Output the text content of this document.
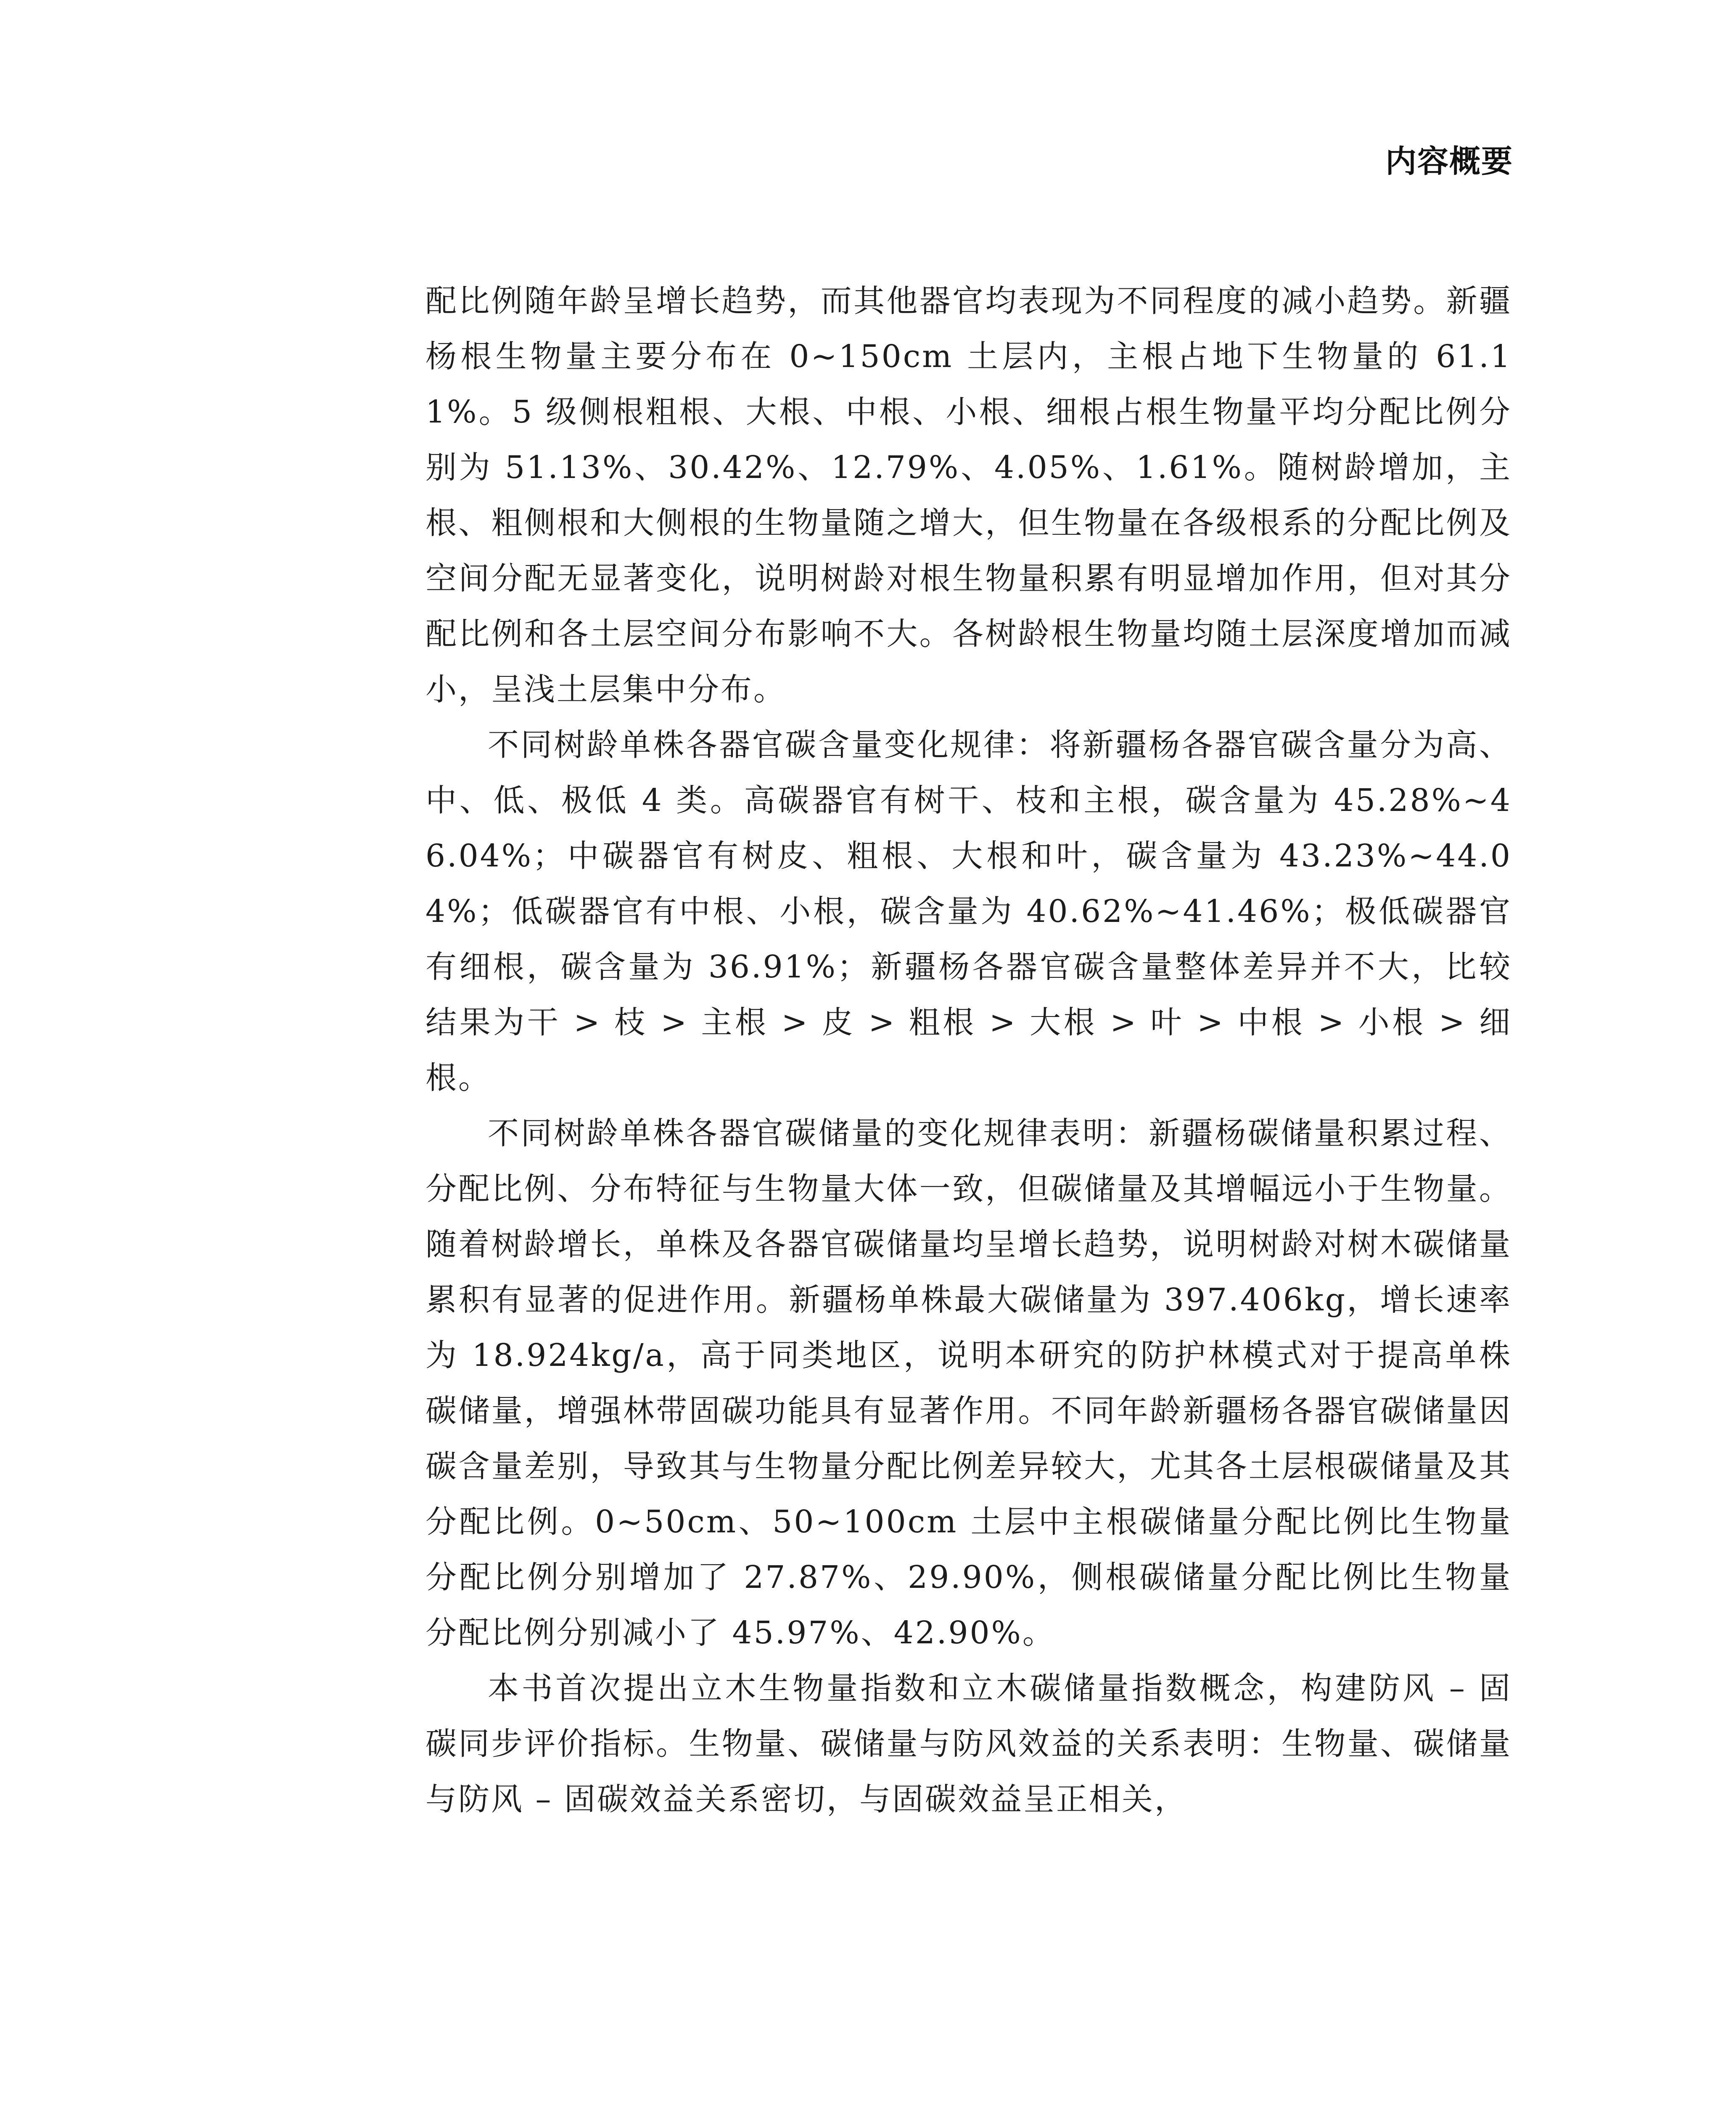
内容概要

配比例随年龄呈增长趋势，而其他器官均表现为不同程度的减小趋势。新疆杨根生物量主要分布在 0~150cm 土层内，主根占地下生物量的 61.11%。5 级侧根粗根、大根、中根、小根、细根占根生物量平均分配比例分别为 51.13%、30.42%、12.79%、4.05%、1.61%。随树龄增加，主根、粗侧根和大侧根的生物量随之增大，但生物量在各级根系的分配比例及空间分配无显著变化，说明树龄对根生物量积累有明显增加作用，但对其分配比例和各土层空间分布影响不大。各树龄根生物量均随土层深度增加而减小，呈浅土层集中分布。

不同树龄单株各器官碳含量变化规律：将新疆杨各器官碳含量分为高、中、低、极低 4 类。高碳器官有树干、枝和主根，碳含量为 45.28%~46.04%；中碳器官有树皮、粗根、大根和叶，碳含量为 43.23%~44.04%；低碳器官有中根、小根，碳含量为 40.62%~41.46%；极低碳器官有细根，碳含量为 36.91%；新疆杨各器官碳含量整体差异并不大，比较结果为干 > 枝 > 主根 > 皮 > 粗根 > 大根 > 叶 > 中根 > 小根 > 细根。

不同树龄单株各器官碳储量的变化规律表明：新疆杨碳储量积累过程、分配比例、分布特征与生物量大体一致，但碳储量及其增幅远小于生物量。随着树龄增长，单株及各器官碳储量均呈增长趋势，说明树龄对树木碳储量累积有显著的促进作用。新疆杨单株最大碳储量为 397.406kg，增长速率为 18.924kg/a，高于同类地区，说明本研究的防护林模式对于提高单株碳储量，增强林带固碳功能具有显著作用。不同年龄新疆杨各器官碳储量因碳含量差别，导致其与生物量分配比例差异较大，尤其各土层根碳储量及其分配比例。0~50cm、50~100cm 土层中主根碳储量分配比例比生物量分配比例分别增加了 27.87%、29.90%，侧根碳储量分配比例比生物量分配比例分别减小了 45.97%、42.90%。

本书首次提出立木生物量指数和立木碳储量指数概念，构建防风 – 固碳同步评价指标。生物量、碳储量与防风效益的关系表明：生物量、碳储量与防风 – 固碳效益关系密切，与固碳效益呈正相关，
